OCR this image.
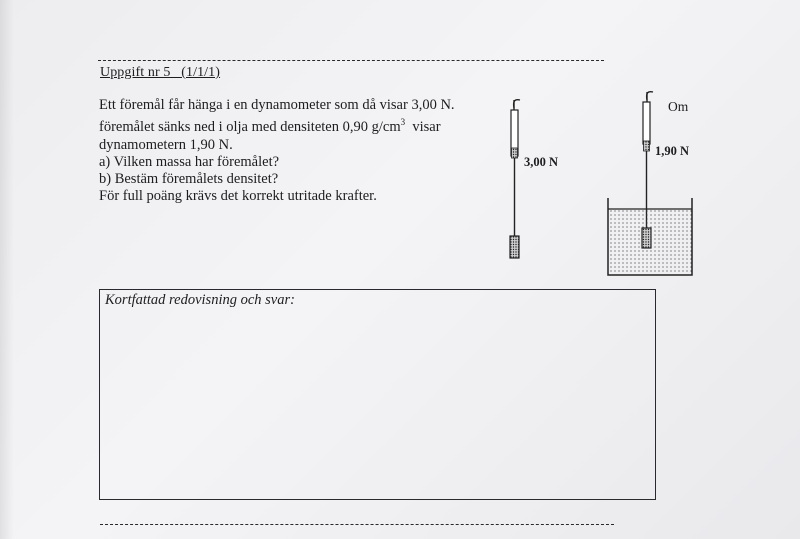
Uppgift nr 5   (1/1/1)
Ett föremål får hänga i en dynamometer som då visar 3,00 N.
föremålet sänks ned i olja med densiteten 0,90 $g/cm^3$ visar
dynamometern 1,90 N.
a) Vilken massa har föremålet?
b) Bestäm föremålets densitet?
För full poäng krävs det korrekt utritade krafter.
3,00 N
1,90 N
Om
Kortfattad redovisning och svar:
